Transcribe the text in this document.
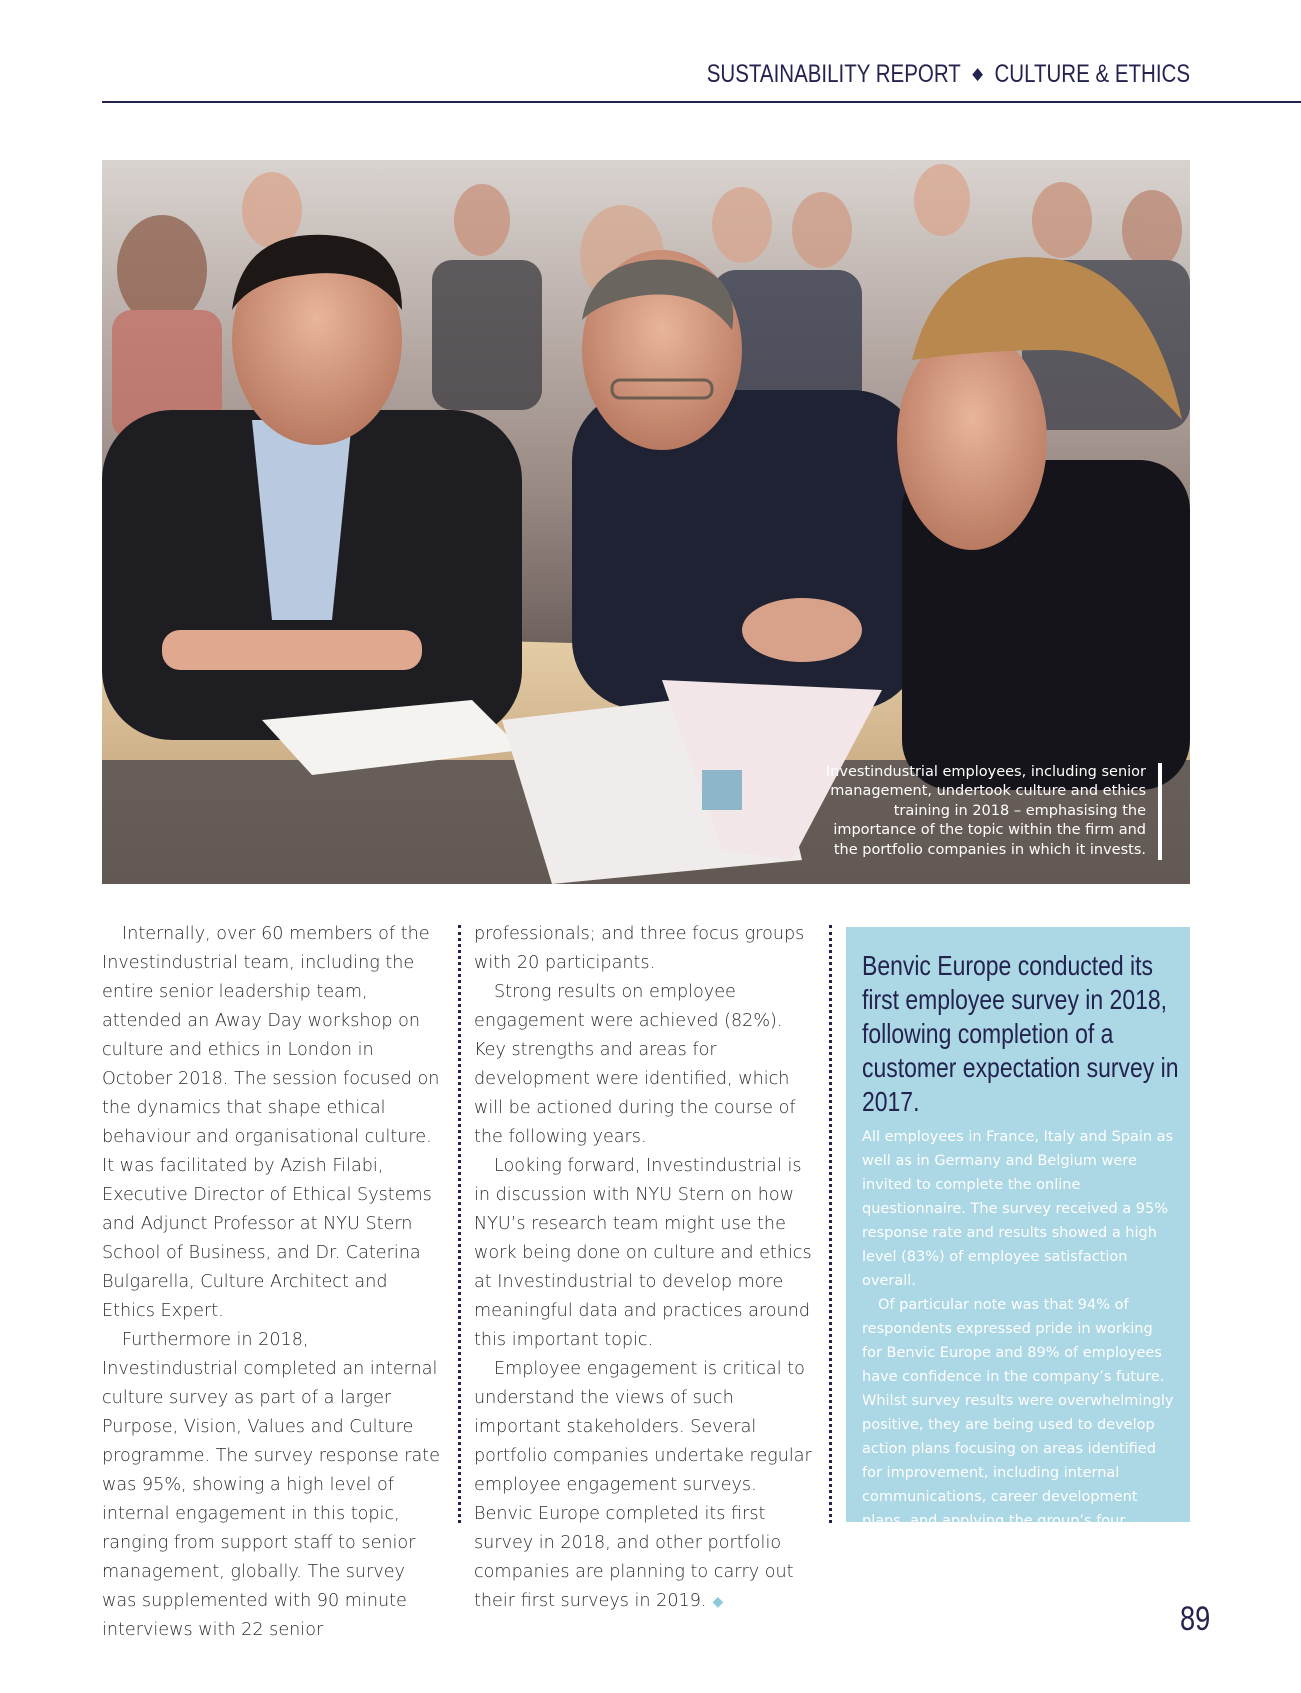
SUSTAINABILITY REPORT ◆ CULTURE & ETHICS
Investindustrial employees, including senior management, undertook culture and ethics training in 2018 – emphasising the importance of the topic within the firm and the portfolio companies in which it invests.

Internally, over 60 members of the Investindustrial team, including the entire senior leadership team, attended an Away Day workshop on culture and ethics in London in October 2018. The session focused on the dynamics that shape ethical behaviour and organisational culture.

It was facilitated by Azish Filabi, Executive Director of Ethical Systems and Adjunct Professor at NYU Stern School of Business, and Dr. Caterina Bulgarella, Culture Architect and Ethics Expert.

Furthermore in 2018, Investindustrial completed an internal culture survey as part of a larger Purpose, Vision, Values and Culture programme. The survey response rate was 95%, showing a high level of internal engagement in this topic, ranging from support staff to senior management, globally. The survey was supplemented with 90 minute interviews with 22 senior

professionals; and three focus groups with 20 participants.

Strong results on employee engagement were achieved (82%). Key strengths and areas for development were identified, which will be actioned during the course of the following years.

Looking forward, Investindustrial is in discussion with NYU Stern on how NYU’s research team might use the work being done on culture and ethics at Investindustrial to develop more meaningful data and practices around this important topic.

Employee engagement is critical to understand the views of such important stakeholders. Several portfolio companies undertake regular employee engagement surveys. Benvic Europe completed its first survey in 2018, and other portfolio companies are planning to carry out their first surveys in 2019. ◆

Benvic Europe conducted its first employee survey in 2018, following completion of a customer expectation survey in 2017.

All employees in France, Italy and Spain as well as in Germany and Belgium were invited to complete the online questionnaire. The survey received a 95% response rate and results showed a high level (83%) of employee satisfaction overall.

Of particular note was that 94% of respondents expressed pride in working for Benvic Europe and 89% of employees have confidence in the company’s future. Whilst survey results were overwhelmingly positive, they are being used to develop action plans focusing on areas identified for improvement, including internal communications, career development plans, and applying the group’s four values: Team Spirit, Commitment, Respect, Enthusiasm.

89
